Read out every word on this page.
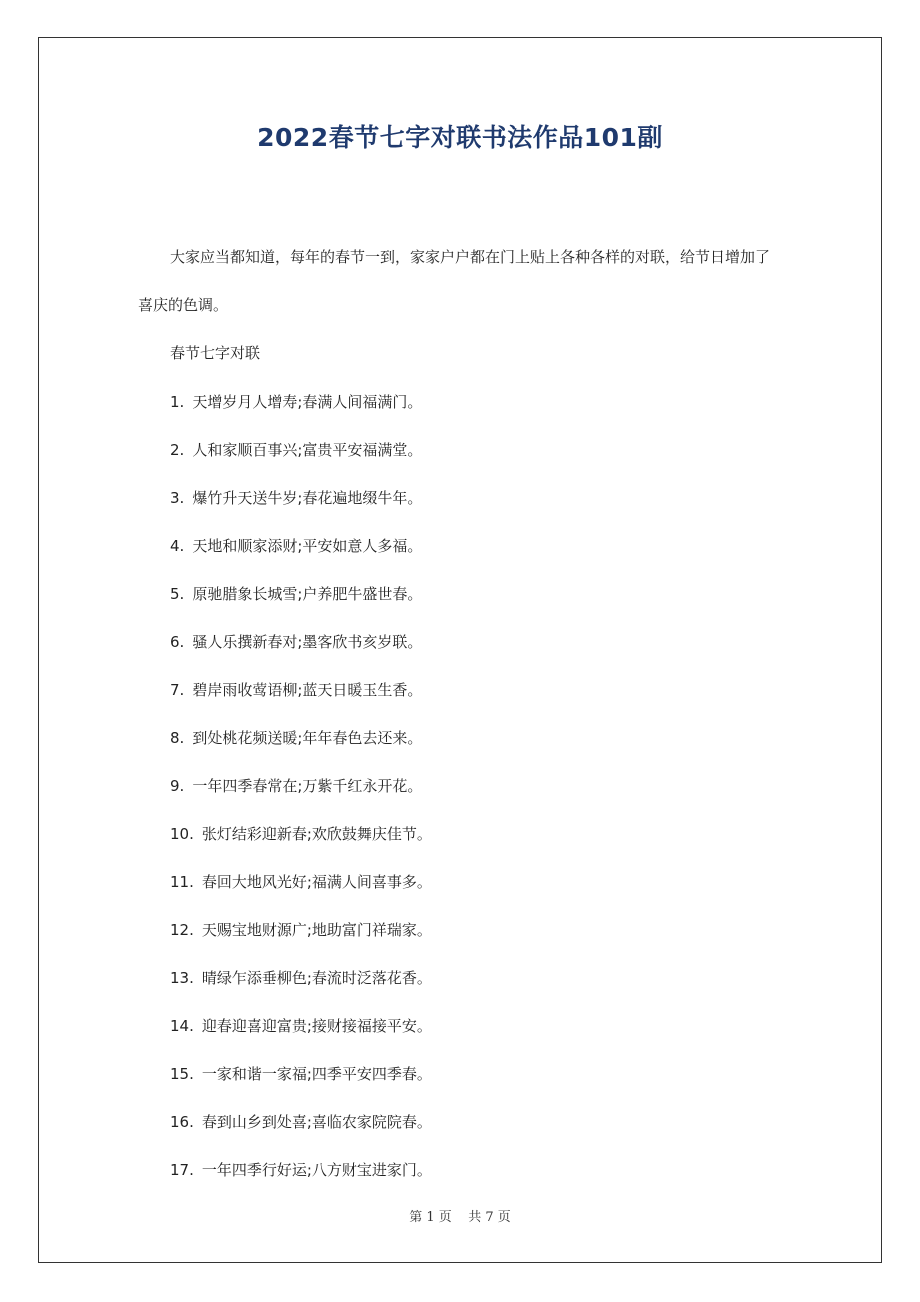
2022春节七字对联书法作品101副

大家应当都知道，每年的春节一到，家家户户都在门上贴上各种各样的对联，给节日增加了

喜庆的色调。

春节七字对联

1. 天增岁月人增寿;春满人间福满门。
2. 人和家顺百事兴;富贵平安福满堂。
3. 爆竹升天送牛岁;春花遍地缀牛年。
4. 天地和顺家添财;平安如意人多福。
5. 原驰腊象长城雪;户养肥牛盛世春。
6. 骚人乐撰新春对;墨客欣书亥岁联。
7. 碧岸雨收莺语柳;蓝天日暖玉生香。
8. 到处桃花频送暖;年年春色去还来。
9. 一年四季春常在;万紫千红永开花。
10. 张灯结彩迎新春;欢欣鼓舞庆佳节。
11. 春回大地风光好;福满人间喜事多。
12. 天赐宝地财源广;地助富门祥瑞家。
13. 晴绿乍添垂柳色;春流时泛落花香。
14. 迎春迎喜迎富贵;接财接福接平安。
15. 一家和谐一家福;四季平安四季春。
16. 春到山乡到处喜;喜临农家院院春。
17. 一年四季行好运;八方财宝进家门。
第 1 页 共 7 页
